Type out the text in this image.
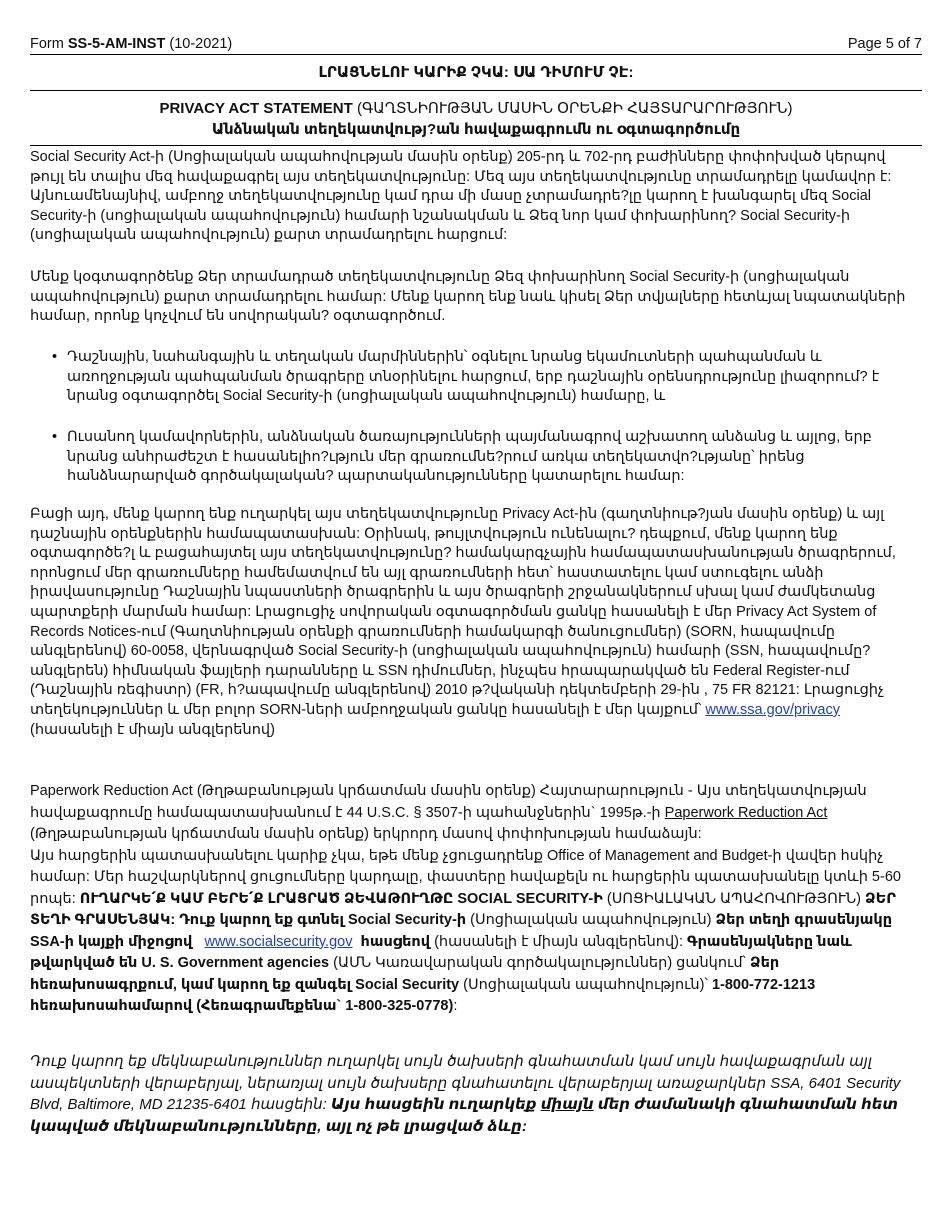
Form SS-5-AM-INST (10-2021)	Page 5 of 7
ԼՐԱՑՆԵԼՈՒ ԿԱՐԻՔ ՉԿԱ: ՍԱ ԴԻՄՈՒՄ ՉԷ:
PRIVACY ACT STATEMENT (ԳԱՂՏՆԻՈՒԹՅԱՆ ՄԱՍԻՆ ՕՐԵՆՔԻ ՀԱՅՏԱՐԱՐՈՒԹՅՈՒՆ)
Անձնական տեղեկատվությ?ան հավաքագրումն ու օգտագործումը
Social Security Act-ի (Սոցիալական ապահովության մասին օրենք) 205-րդ և 702-րդ բաժինները փոփոխված կերպով թույլ են տալիս մեզ հավաքագրել այս տեղեկատվությունը: Մեզ այս տեղեկատվությունը տրամադրելը կամավոր է: Այնուամենայնիվ, ամբողջ տեղեկատվությունը կամ դրա մի մասը չտրամադրե?լը կարող է խանգարել մեզ Social Security-ի (սոցիալական ապահովություն) համարի նշանակման և Ձեզ նոր կամ փոխարինող? Social Security-ի (սոցիալական ապահովություն) քարտ տրամադրելու հարցում:
Մենք կօգտագործենք Ձեր տրամադրած տեղեկատվությունը Ձեզ փոխարինող Social Security-ի (սոցիալական ապահովություն) քարտ տրամադրելու համար: Մենք կարող ենք նաև կիսել Ձեր տվյալները հետևյալ նպատակների համար, որոնք կոչվում են սովորական? օգտագործում.
• Դաշնային, նահանգային և տեղական մարմիններին՝ օգնելու նրանց եկամուտների պահպանման և առողջության պահպանման ծրագրերը տնօրինելու հարցում, երբ դաշնային օրենսդրությունը լիազորում? է նրանց օգտագործել Social Security-ի (սոցիալական ապահովություն) համարը, և
• Ուսանող կամավորներին, անձնական ծառայությունների պայմանագրով աշխատող անձանց և այլոց, երբ նրանց անհրաժեշտ է հասանելիո?ւթյուն մեր գրառումնե?րում առկա տեղեկատվո?ւթյանը՝ իրենց հանձնարարված գործակալական? պարտականությունները կատարելու համար:
Բացի այդ, մենք կարող ենք ուղարկել այս տեղեկատվությունը Privacy Act-ին (գաղտնիութ?յան մասին օրենք) և այլ դաշնային օրենքներին համապատասխան: Օրինակ, թույլտվություն ունենալու? դեպքում, մենք կարող ենք օգտագործե?լ և բացահայտել այս տեղեկատվությունը? համակարգչային համապատասխանության ծրագրերում, որոնցում մեր գրառումները համեմատվում են այլ գրառումների հետ՝ հաստատելու կամ ստուգելու անձի իրավասությունը Դաշնային նպաստների ծրագրերին և այս ծրագրերի շրջանակներում սխալ կամ ժամկետանց պարտքերի մարման համար: Լրացուցիչ սովորական օգտագործման ցանկը հասանելի է մեր Privacy Act System of Records Notices-ում (Գաղտնիության օրենքի գրառումների համակարգի ծանուցումներ) (SORN, հապավումը անգլերենով) 60-0058, վերնագրված Social Security-ի (սոցիալական ապահովություն) համարի (SSN, հապավումը? անգլերեն) հիմնական ֆայլերի դարանները և SSN դիմումներ, ինչպես հրապարակված են Federal Register-ում (Դաշնային ռեգիստր) (FR, հ?ապավումը անգլերենով) 2010 թ?վականի դեկտեմբերի 29-ին , 75 FR 82121: Լրացուցիչ տեղեկություններ և մեր բոլոր SORN-ների ամբողջական ցանկը հասանելի է մեր կայքում՝ www.ssa.gov/privacy (հասանելի է միայն անգլերենով)
Paperwork Reduction Act (Թղթաբանության կրճատման մասին օրենք) Հայտարարություն - Այս տեղեկատվության հավաքագրումը համապատասխանում է 44 U.S.C. § 3507-ի պահանջներին` 1995թ.-ի Paperwork Reduction Act (Թղթաբանության կրճատման մասին օրենք) երկրորդ մասով փոփոխության համաձայն:
Այս հարցերին պատասխանելու կարիք չկա, եթե մենք չցուցադրենք Office of Management and Budget-ի վավեր հսկիչ համար: Մեր հաշվարկներով ցուցումները կարդալը, փաստերը հավաքելն ու հարցերին պատասխանելը կտևի 5-60 րոպե: ՈՒՂԱՐԿԵ՛Ք ԿԱՄ ԲԵՐԵ՛Ք ԼՐԱՑՐԱԾ ՁԵՎԱԹՈՒՂԹԸ SOCIAL SECURITY-Ի (ՍՈՑԻԱԼԱԿԱՆ ԱՊԱՀՈՎՈՒԹՅՈՒՆ) ՁԵՐ ՏԵՂԻ ԳՐԱՍԵՆՅԱԿ: Դուք կարող եք գտնել Social Security-ի (Սոցիալական ապահովություն) Ձեր տեղի գրասենյակը SSA-ի կայքի միջոցով www.socialsecurity.gov  հասցեով (հասանելի է միայն անգլերենով): Գրասենյակները նաև թվարկված են U. S. Government agencies (ԱՄՆ Կառավարական գործակալություններ) ցանկում՝ Ձեր հեռախոսագրքում, կամ կարող եք զանգել Social Security (Սոցիալական ապահովություն)՝ 1-800-772-1213 հեռախոսահամարով (Հեռագրամեքենա` 1-800-325-0778):
Դուք կարող եք մեկնաբանություններ ուղարկել սույն ծախսերի գնահատման կամ սույն հավաքագրման այլ ասպեկտների վերաբերյալ, ներառյալ սույն ծախսերը գնահատելու վերաբերյալ առաջարկներ SSA, 6401 Security Blvd, Baltimore, MD 21235-6401 հասցեին: Այս հասցեին ուղարկեք միայն մեր ժամանակի գնահատման հետ կապված մեկնաբանությունները, այլ ոչ թե լրացված ձևը:
